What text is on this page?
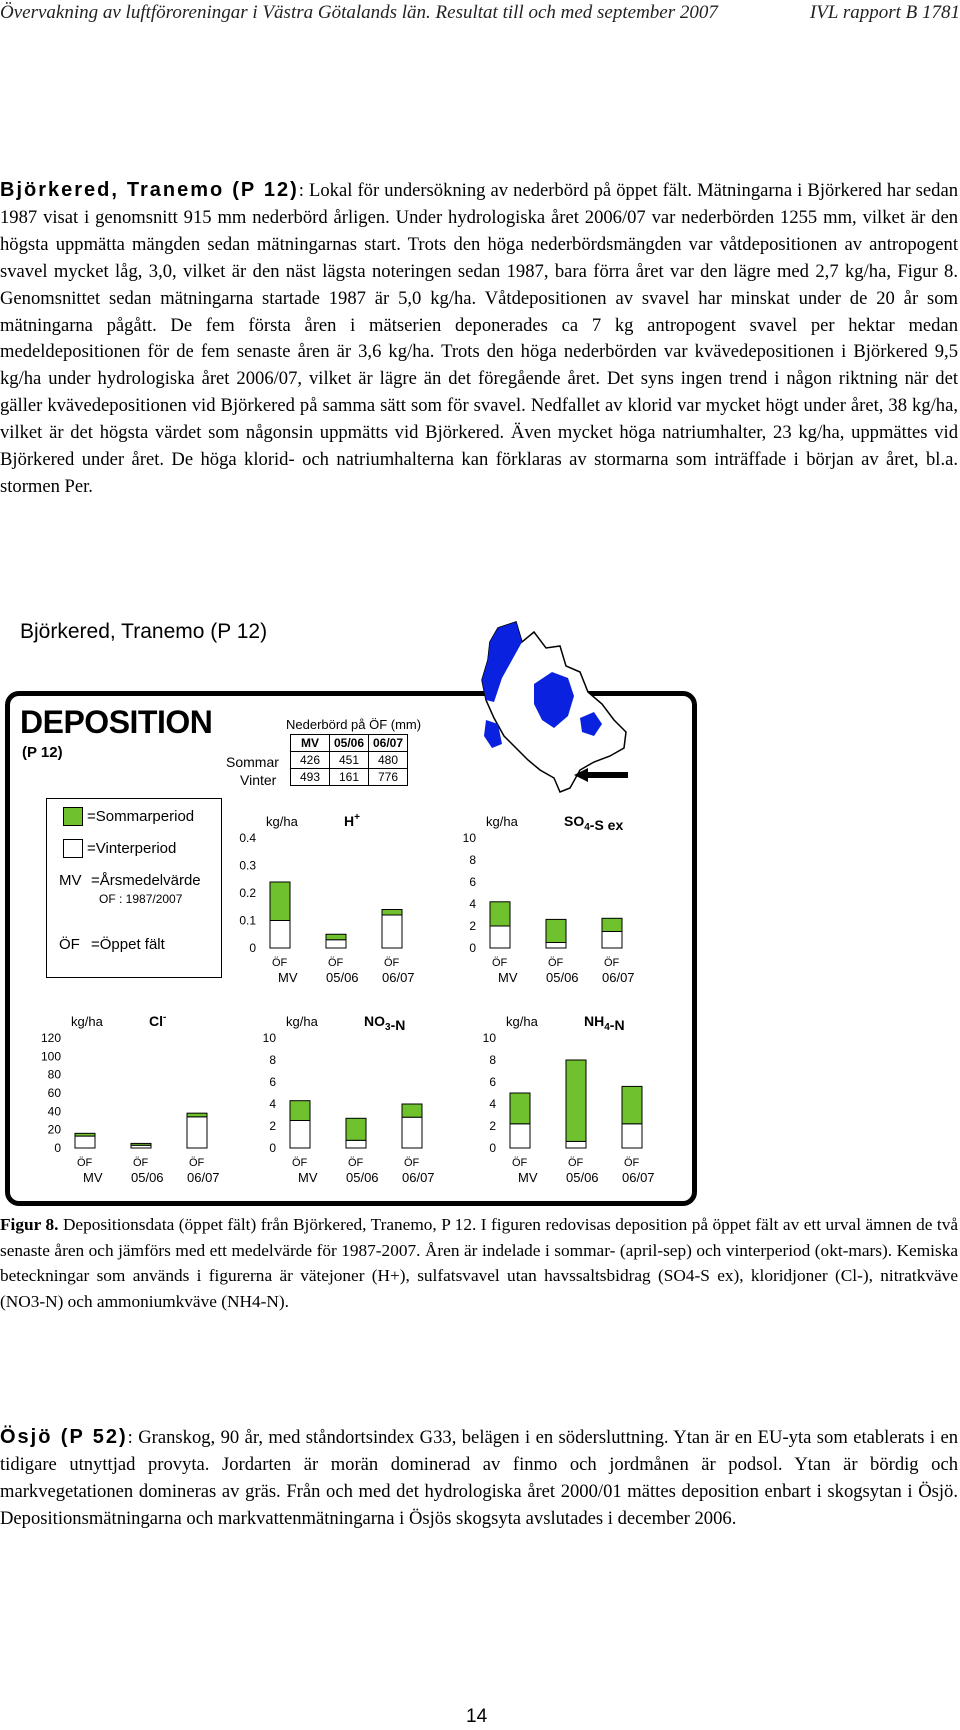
Övervakning av luftföroreningar i Västra Götalands län. Resultat till och med september 2007	IVL rapport B 1781

Björkered, Tranemo (P 12): Lokal för undersökning av nederbörd på öppet fält. Mätningarna i Björkered har sedan 1987 visat i genomsnitt 915 mm nederbörd årligen. Under hydrologiska året 2006/07 var nederbörden 1255 mm, vilket är den högsta uppmätta mängden sedan mätningarnas start. Trots den höga nederbördsmängden var våtdepositionen av antropogent svavel mycket låg, 3,0, vilket är den näst lägsta noteringen sedan 1987, bara förra året var den lägre med 2,7 kg/ha, Figur 8. Genomsnittet sedan mätningarna startade 1987 är 5,0 kg/ha. Våtdepositionen av svavel har minskat under de 20 år som mätningarna pågått. De fem första åren i mätserien deponerades ca 7 kg antropogent svavel per hektar medan medeldepositionen för de fem senaste åren är 3,6 kg/ha. Trots den höga nederbörden var kvävedepositionen i Björkered 9,5 kg/ha under hydrologiska året 2006/07, vilket är lägre än det föregående året. Det syns ingen trend i någon riktning när det gäller kvävedepositionen vid Björkered på samma sätt som för svavel. Nedfallet av klorid var mycket högt under året, 38 kg/ha, vilket är det högsta värdet som någonsin uppmätts vid Björkered. Även mycket höga natriumhalter, 23 kg/ha, uppmättes vid Björkered under året. De höga klorid- och natriumhalterna kan förklaras av stormarna som inträffade i början av året, bl.a. stormen Per.

Björkered, Tranemo (P 12)
DEPOSITION
(P 12)
Nederbörd på ÖF (mm)
MV	05/06	06/07
426	451	480
493	161	776
Sommar
Vinter
=Sommarperiod
=Vinterperiod
MV =Årsmedelvärde
OF : 1987/2007
ÖF =Öppet fält	0
0.1
0.2
0.3
0.4
kg/ha	H+
ÖF
MV
ÖF
05/06
ÖF
06/07
0
2
4
6
8
10
kg/ha	$SO_4-S$ ex
ÖF
MV
ÖF
05/06
ÖF
06/07
0
20
40
60
80
100
120
kg/ha	Cl-
ÖF
MV
ÖF
05/06
ÖF
06/07
0
2
4
6
8
10
kg/ha	$NO_3-N$
ÖF
MV
ÖF
05/06
ÖF
06/07
0
2
4
6
8
10
kg/ha	$NH_4-N$
ÖF
MV
ÖF
05/06
ÖF
06/07

Figur 8. Depositionsdata (öppet fält) från Björkered, Tranemo, P 12. I figuren redovisas deposition på öppet fält av ett urval ämnen de två senaste åren och jämförs med ett medelvärde för 1987-2007. Åren är indelade i sommar- (april-sep) och vinterperiod (okt-mars). Kemiska beteckningar som används i figurerna är vätejoner (H+), sulfatsvavel utan havssaltsbidrag (SO4-S ex), kloridjoner (Cl-), nitratkväve (NO3-N) och ammoniumkväve (NH4-N).

Ösjö (P 52): Granskog, 90 år, med ståndortsindex G33, belägen i en södersluttning. Ytan är en EU-yta som etablerats i en tidigare utnyttjad provyta. Jordarten är morän dominerad av finmo och jordmånen är podsol. Ytan är bördig och markvegetationen domineras av gräs. Från och med det hydrologiska året 2000/01 mättes deposition enbart i skogsytan i Ösjö. Depositionsmätningarna och markvattenmätningarna i Ösjös skogsyta avslutades i december 2006.

14
